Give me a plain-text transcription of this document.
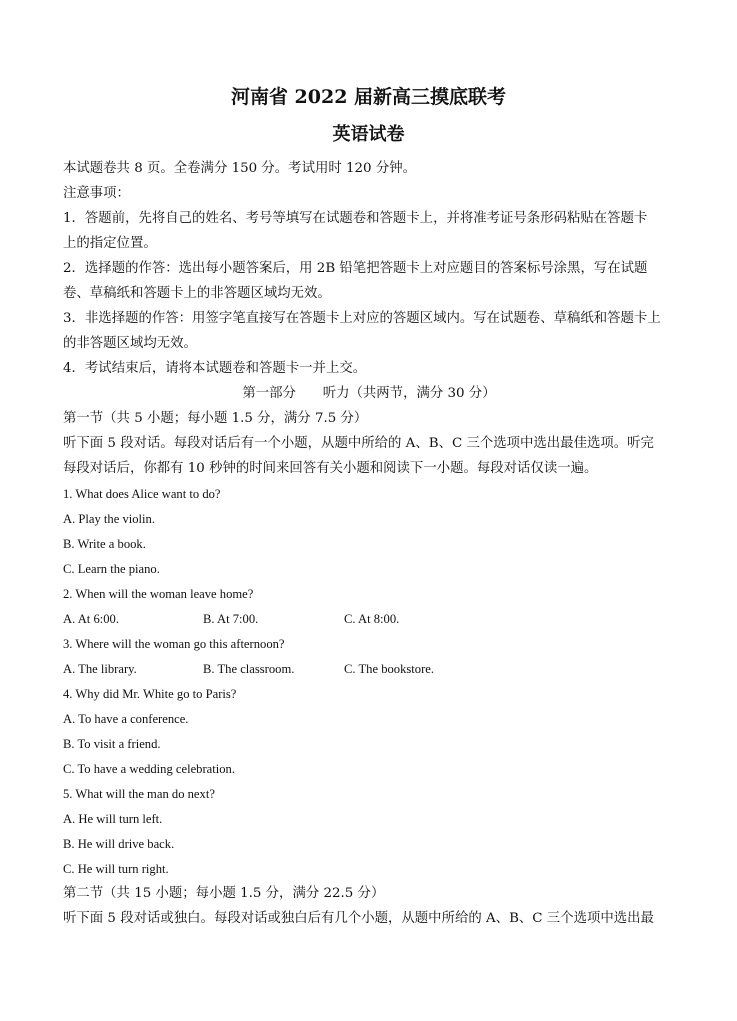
河南省 2022 届新高三摸底联考
英语试卷
本试题卷共 8 页。全卷满分 150 分。考试用时 120 分钟。
注意事项：
1．答题前，先将自己的姓名、考号等填写在试题卷和答题卡上，并将准考证号条形码粘贴在答题卡
上的指定位置。
2．选择题的作答：选出每小题答案后，用 2B 铅笔把答题卡上对应题目的答案标号涂黑，写在试题
卷、草稿纸和答题卡上的非答题区域均无效。
3．非选择题的作答：用签字笔直接写在答题卡上对应的答题区域内。写在试题卷、草稿纸和答题卡上
的非答题区域均无效。
4．考试结束后，请将本试题卷和答题卡一并上交。
第一部分　　听力（共两节，满分 30 分）
第一节（共 5 小题；每小题 1.5 分，满分 7.5 分）
听下面 5 段对话。每段对话后有一个小题，从题中所给的 A、B、C 三个选项中选出最佳选项。听完
每段对话后，你都有 10 秒钟的时间来回答有关小题和阅读下一小题。每段对话仅读一遍。
1. What does Alice want to do?
A. Play the violin.
B. Write a book.
C. Learn the piano.
2. When will the woman leave home?
A. At 6:00.	B. At 7:00.	C. At 8:00.
3. Where will the woman go this afternoon?
A. The library.	B. The classroom.	C. The bookstore.
4. Why did Mr. White go to Paris?
A. To have a conference.
B. To visit a friend.
C. To have a wedding celebration.
5. What will the man do next?
A. He will turn left.
B. He will drive back.
C. He will turn right.
第二节（共 15 小题；每小题 1.5 分，满分 22.5 分）
听下面 5 段对话或独白。每段对话或独白后有几个小题，从题中所给的 A、B、C 三个选项中选出最
